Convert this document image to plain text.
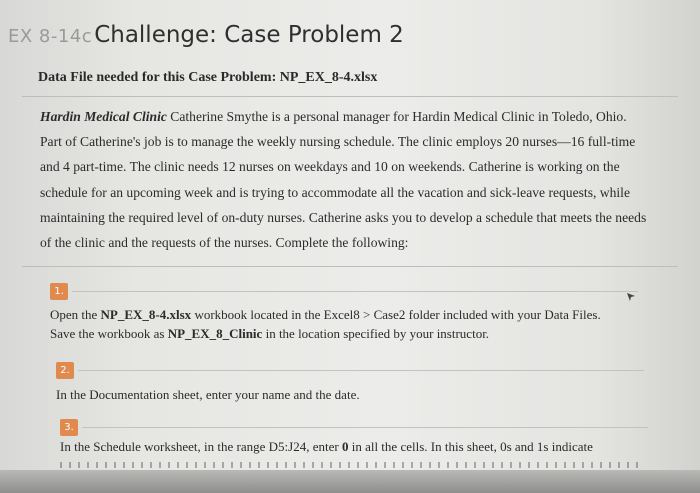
EX 8-14c Challenge: Case Problem 2
Data File needed for this Case Problem: NP_EX_8-4.xlsx
Hardin Medical Clinic Catherine Smythe is a personal manager for Hardin Medical Clinic in Toledo, Ohio. Part of Catherine's job is to manage the weekly nursing schedule. The clinic employs 20 nurses—16 full-time and 4 part-time. The clinic needs 12 nurses on weekdays and 10 on weekends. Catherine is working on the schedule for an upcoming week and is trying to accommodate all the vacation and sick-leave requests, while maintaining the required level of on-duty nurses. Catherine asks you to develop a schedule that meets the needs of the clinic and the requests of the nurses. Complete the following:
1.
Open the NP_EX_8-4.xlsx workbook located in the Excel8 > Case2 folder included with your Data Files.
Save the workbook as NP_EX_8_Clinic in the location specified by your instructor.
2.
In the Documentation sheet, enter your name and the date.
3.
In the Schedule worksheet, in the range D5:J24, enter 0 in all the cells. In this sheet, 0s and 1s indicate
